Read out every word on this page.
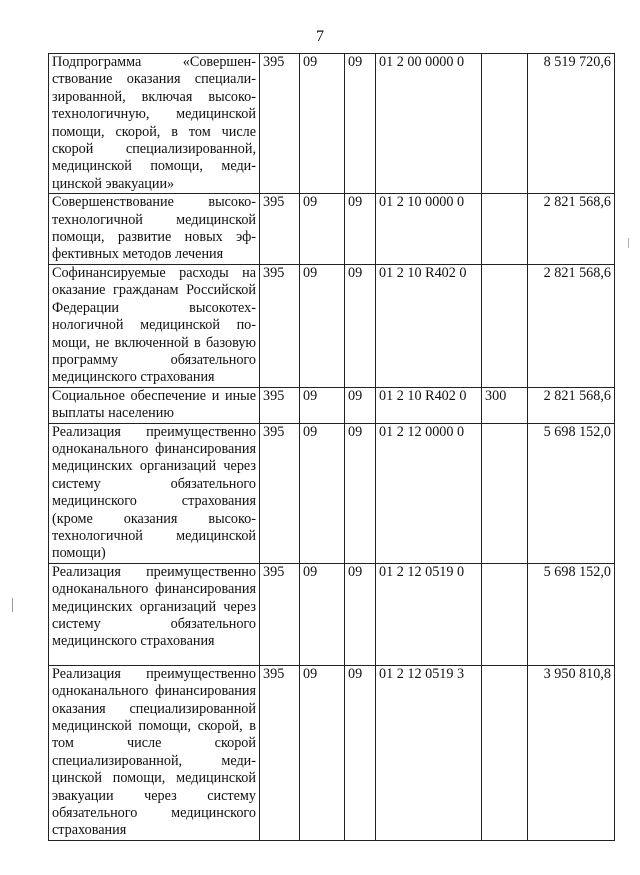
7
Подпрограмма «Совершенствование оказания специализированной, включая высокотехнологичную, медицинской помощи, скорой, в том числе скорой специализированной, медицинской помощи, медицинской эвакуации»	395	09	09	01 2 00 0000 0		8 519 720,6
Совершенствование высокотехнологичной медицинской помощи, развитие новых эффективных методов лечения	395	09	09	01 2 10 0000 0		2 821 568,6
Софинансируемые расходы на оказание гражданам Российской Федерации высокотехнологичной медицинской помощи, не включенной в базовую программу обязательного медицинского страхования	395	09	09	01 2 10 R402 0		2 821 568,6
Социальное обеспечение и иные выплаты населению	395	09	09	01 2 10 R402 0	300	2 821 568,6
Реализация преимущественно одноканального финансирования медицинских организаций через систему обязательного медицинского страхования (кроме оказания высокотехнологичной медицинской помощи)	395	09	09	01 2 12 0000 0		5 698 152,0
Реализация преимущественно одноканального финансирования медицинских организаций через систему обязательного медицинского страхования	395	09	09	01 2 12 0519 0		5 698 152,0
Реализация преимущественно одноканального финансирования оказания специализированной медицинской помощи, скорой, в том числе скорой специализированной, медицинской помощи, медицинской эвакуации через систему обязательного медицинского страхования	395	09	09	01 2 12 0519 3		3 950 810,8
